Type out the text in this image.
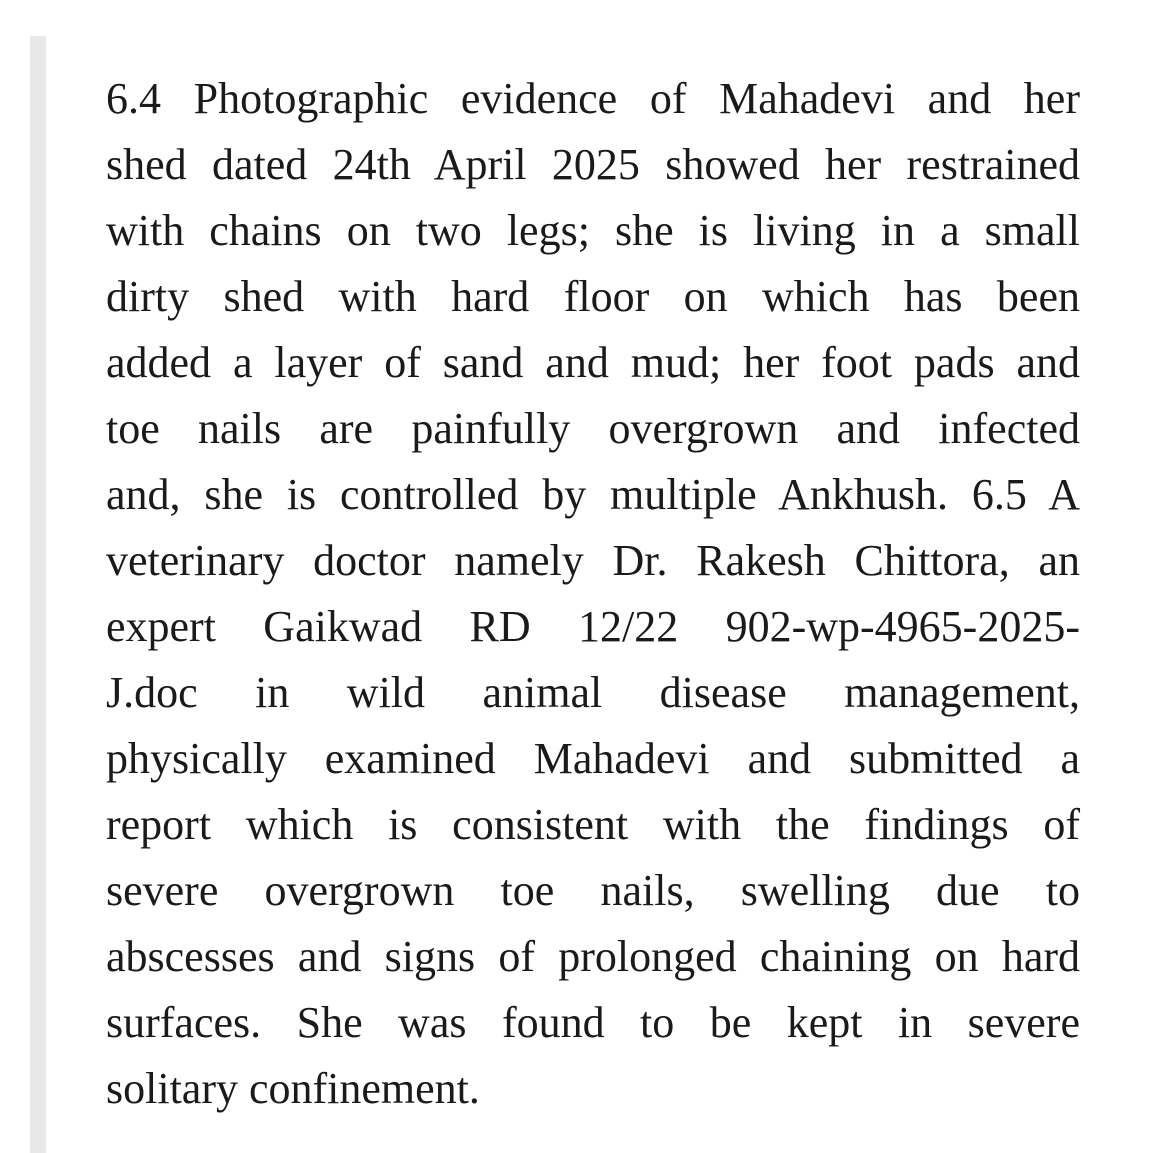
6.4 Photographic evidence of Mahadevi and her
shed dated 24th April 2025 showed her restrained
with chains on two legs; she is living in a small
dirty shed with hard floor on which has been
added a layer of sand and mud; her foot pads and
toe nails are painfully overgrown and infected
and, she is controlled by multiple Ankhush. 6.5 A
veterinary doctor namely Dr. Rakesh Chittora, an
expert Gaikwad RD 12/22 902-wp-4965-2025-
J.doc in wild animal disease management,
physically examined Mahadevi and submitted a
report which is consistent with the findings of
severe overgrown toe nails, swelling due to
abscesses and signs of prolonged chaining on hard
surfaces. She was found to be kept in severe
solitary confinement.
